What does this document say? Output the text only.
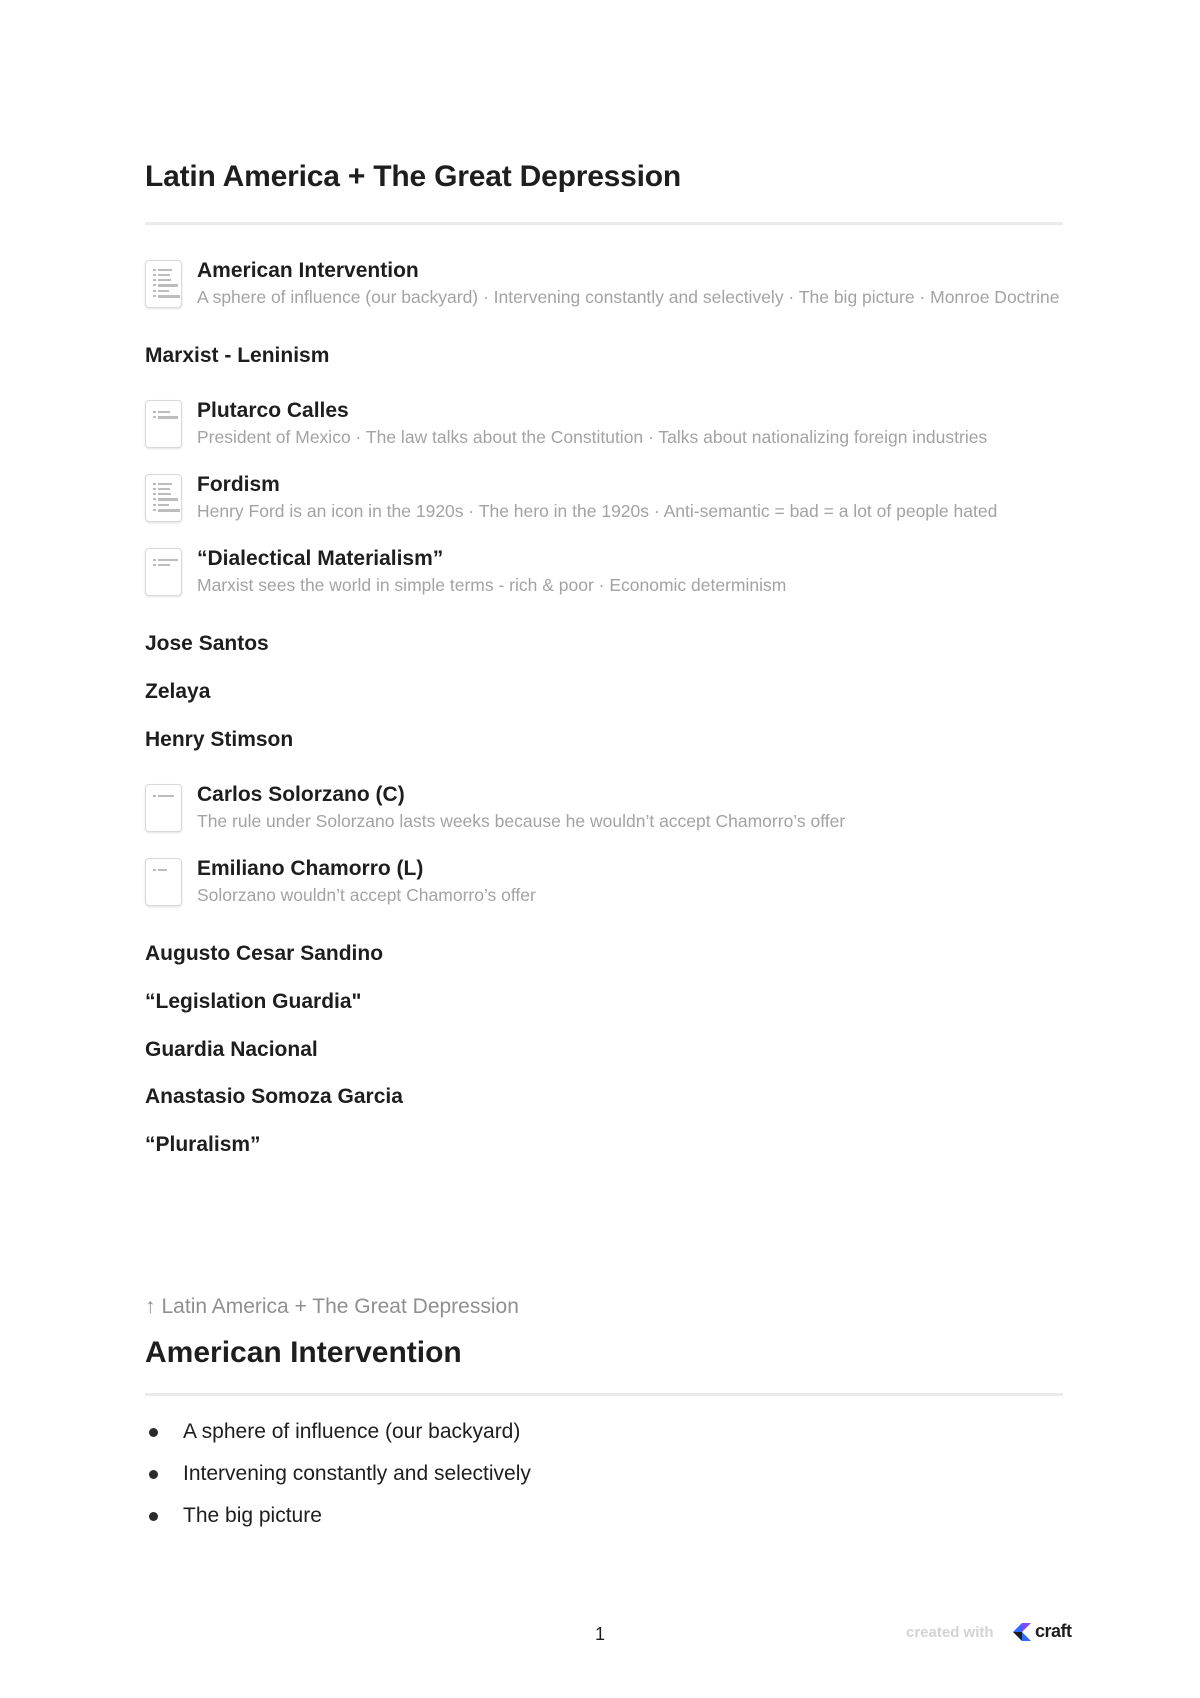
Latin America + The Great Depression
American Intervention
A sphere of influence (our backyard) · Intervening constantly and selectively · The big picture · Monroe Doctrine
Marxist - Leninism
Plutarco Calles
President of Mexico · The law talks about the Constitution · Talks about nationalizing foreign industries
Fordism
Henry Ford is an icon in the 1920s · The hero in the 1920s · Anti-semantic = bad = a lot of people hated
“Dialectical Materialism”
Marxist sees the world in simple terms - rich & poor · Economic determinism
Jose Santos
Zelaya
Henry Stimson
Carlos Solorzano (C)
The rule under Solorzano lasts weeks because he wouldn’t accept Chamorro’s offer
Emiliano Chamorro (L)
Solorzano wouldn’t accept Chamorro’s offer
Augusto Cesar Sandino
“Legislation Guardia"
Guardia Nacional
Anastasio Somoza Garcia
“Pluralism”
↑ Latin America + The Great Depression
American Intervention
A sphere of influence (our backyard)
Intervening constantly and selectively
The big picture
1	created with craft
